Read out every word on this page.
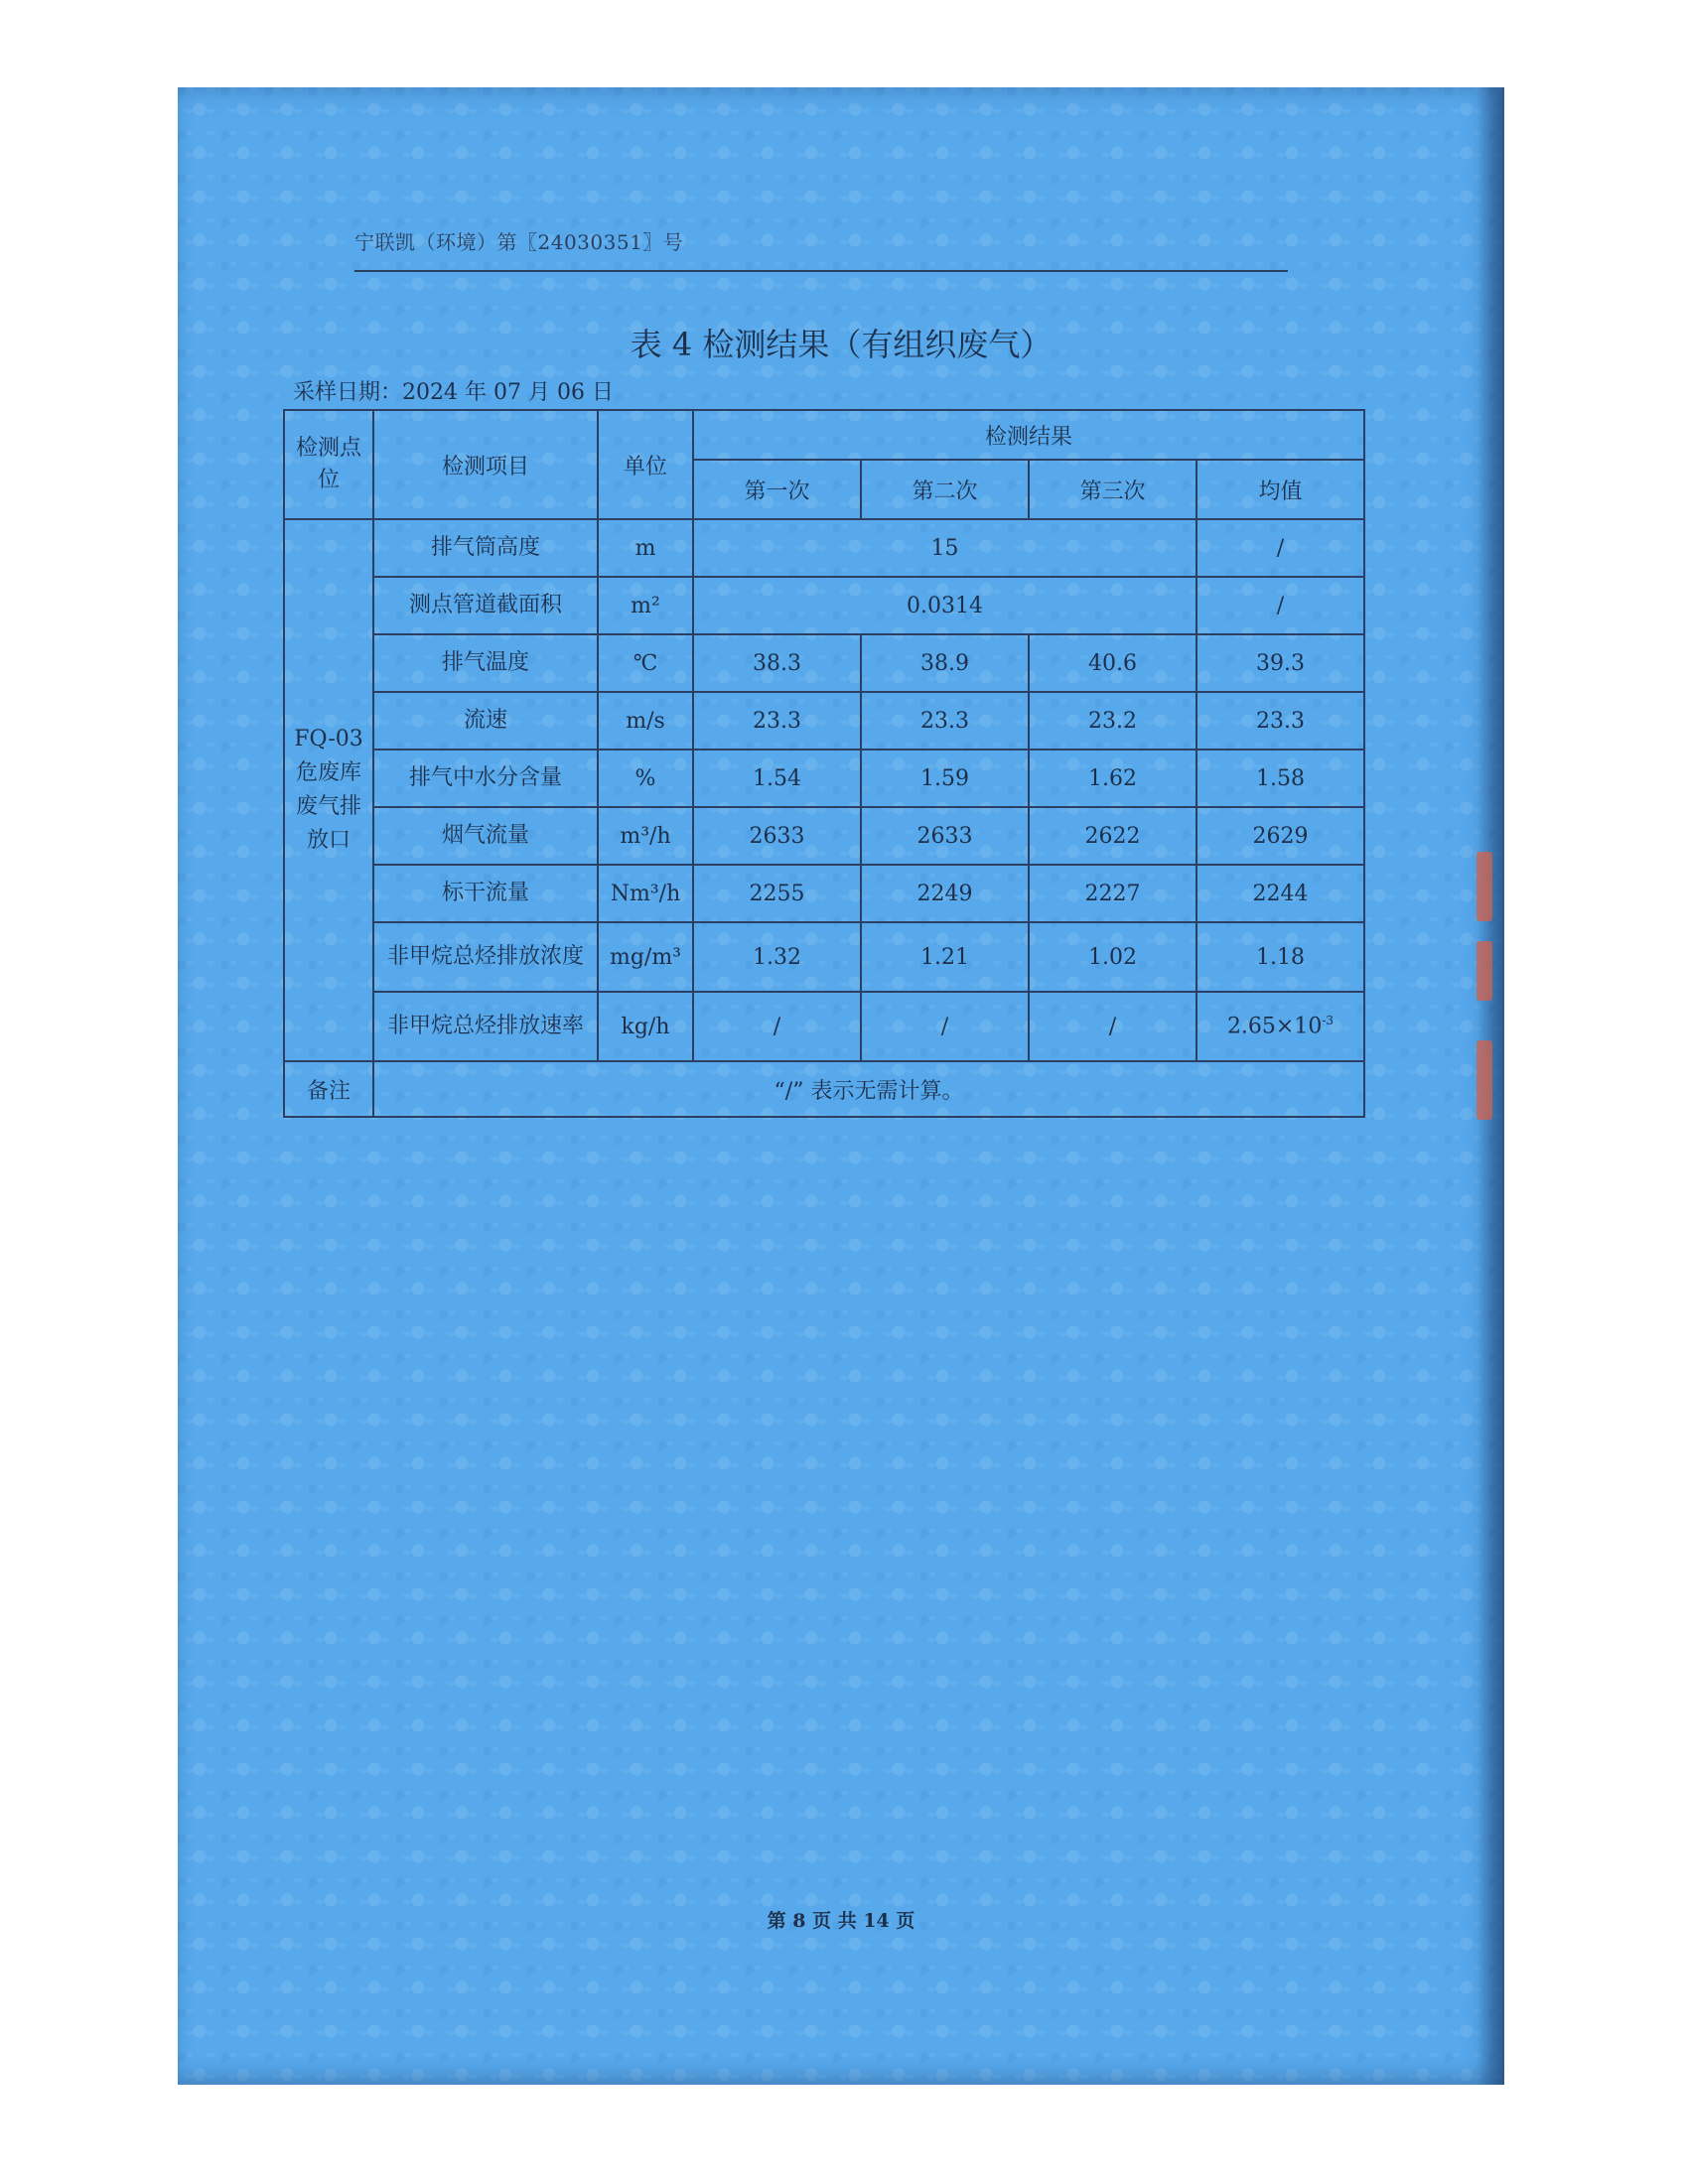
宁联凯（环境）第〖24030351〗号
表 4 检测结果（有组织废气）
采样日期：2024 年 07 月 06 日
检测点位	检测项目	单位	检测结果			
			第一次	第二次	第三次	均值
FQ-03危废库废气排放口	排气筒高度	m	15			/
	测点管道截面积	m²	0.0314			/
	排气温度	℃	38.3	38.9	40.6	39.3
	流速	m/s	23.3	23.3	23.2	23.3
	排气中水分含量	%	1.54	1.59	1.62	1.58
	烟气流量	m³/h	2633	2633	2622	2629
	标干流量	Nm³/h	2255	2249	2227	2244
	非甲烷总烃排放浓度	mg/m³	1.32	1.21	1.02	1.18
	非甲烷总烃排放速率	kg/h	/	/	/	$2.65\times 10^{-3}$
备注	“/” 表示无需计算。					
第 8 页 共 14 页
